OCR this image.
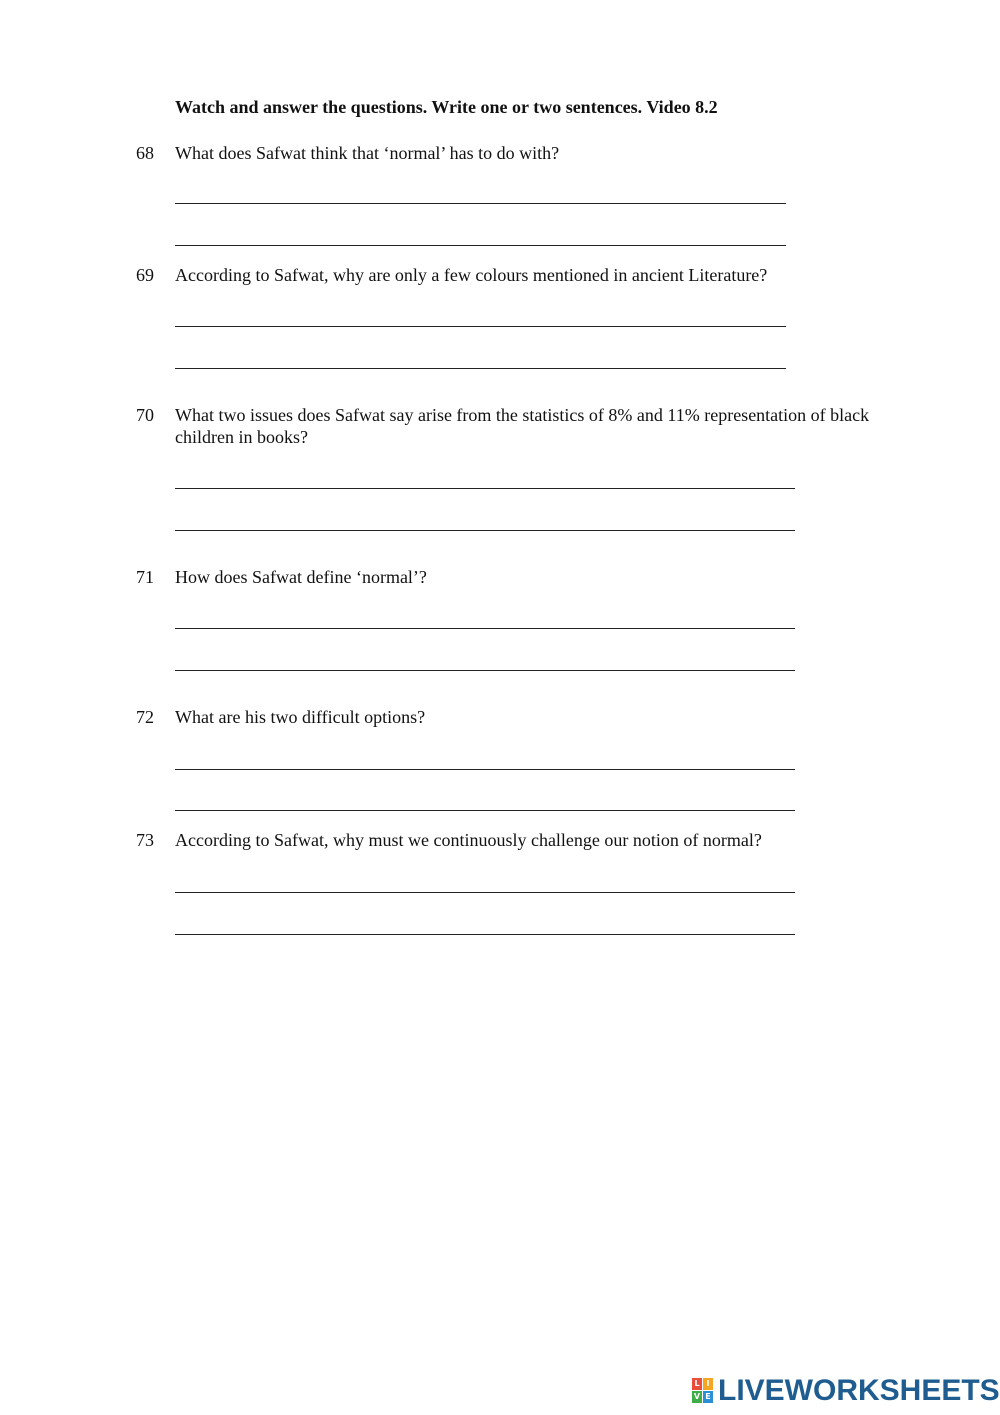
Watch and answer the questions. Write one or two sentences. Video 8.2
68 What does Safwat think that ‘normal’ has to do with?
69 According to Safwat, why are only a few colours mentioned in ancient Literature?
70 What two issues does Safwat say arise from the statistics of 8% and 11% representation of black children in books?
71 How does Safwat define ‘normal’?
72 What are his two difficult options?
73 According to Safwat, why must we continuously challenge our notion of normal?
L I
V E LIVEWORKSHEETS
